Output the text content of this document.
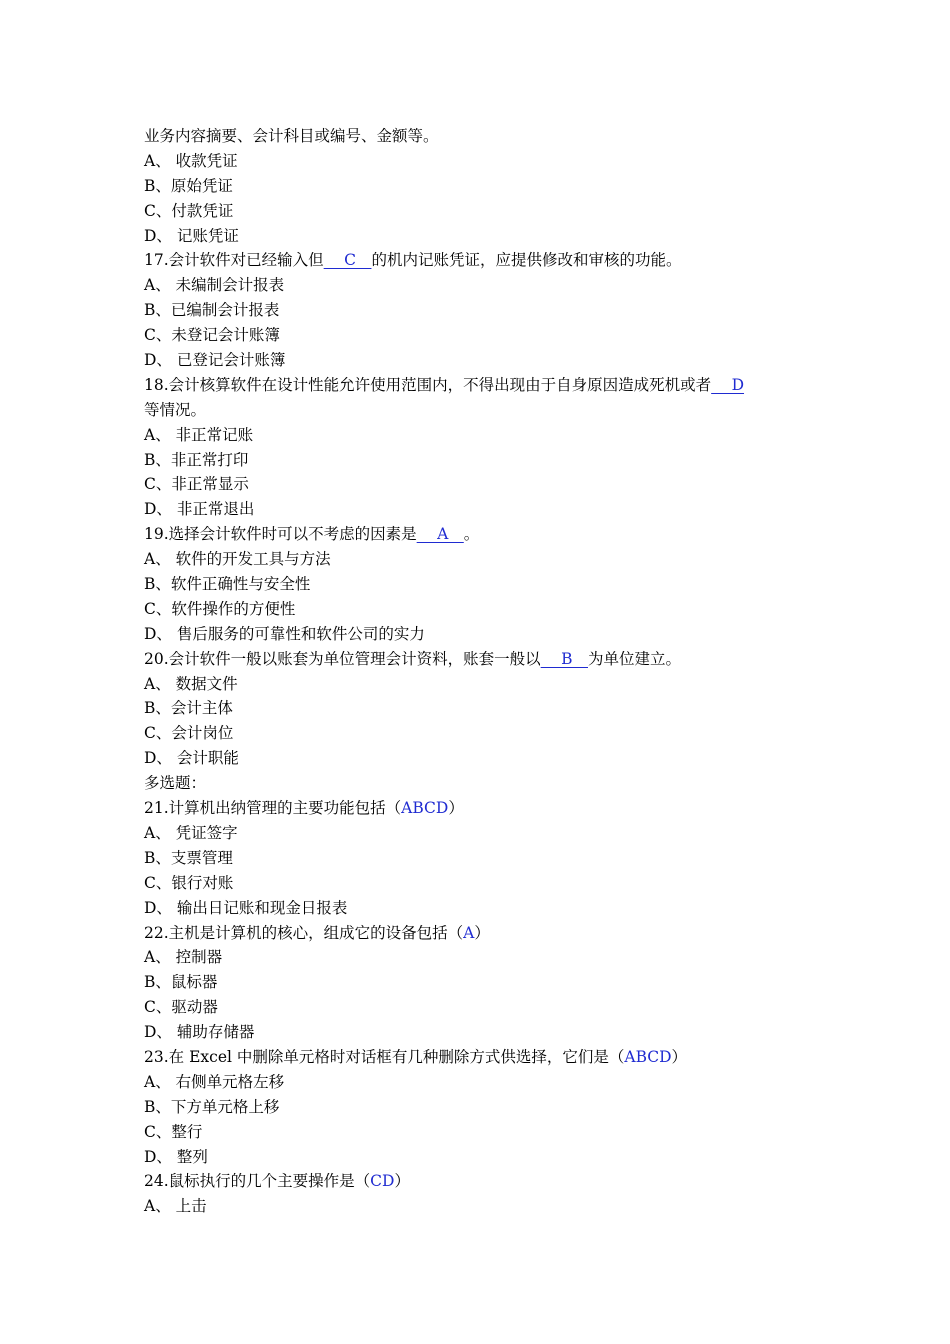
业务内容摘要、会计科目或编号、金额等。
A、 收款凭证
B、原始凭证
C、付款凭证
D、 记账凭证
17.会计软件对已经输入但　 C　的机内记账凭证，应提供修改和审核的功能。
A、 未编制会计报表
B、已编制会计报表
C、未登记会计账簿
D、 已登记会计账簿
18.会计核算软件在设计性能允许使用范围内，不得出现由于自身原因造成死机或者　 D
等情况。
A、 非正常记账
B、非正常打印
C、非正常显示
D、 非正常退出
19.选择会计软件时可以不考虑的因素是　 A　。
A、 软件的开发工具与方法
B、软件正确性与安全性
C、软件操作的方便性
D、 售后服务的可靠性和软件公司的实力
20.会计软件一般以账套为单位管理会计资料，账套一般以　 B　为单位建立。
A、 数据文件
B、会计主体
C、会计岗位
D、 会计职能
多选题：
21.计算机出纳管理的主要功能包括（ABCD）
A、 凭证签字
B、支票管理
C、银行对账
D、 输出日记账和现金日报表
22.主机是计算机的核心，组成它的设备包括（A）
A、 控制器
B、鼠标器
C、驱动器
D、 辅助存储器
23.在 Excel 中删除单元格时对话框有几种删除方式供选择，它们是（ABCD）
A、 右侧单元格左移
B、下方单元格上移
C、整行
D、 整列
24.鼠标执行的几个主要操作是（CD）
A、 上击
